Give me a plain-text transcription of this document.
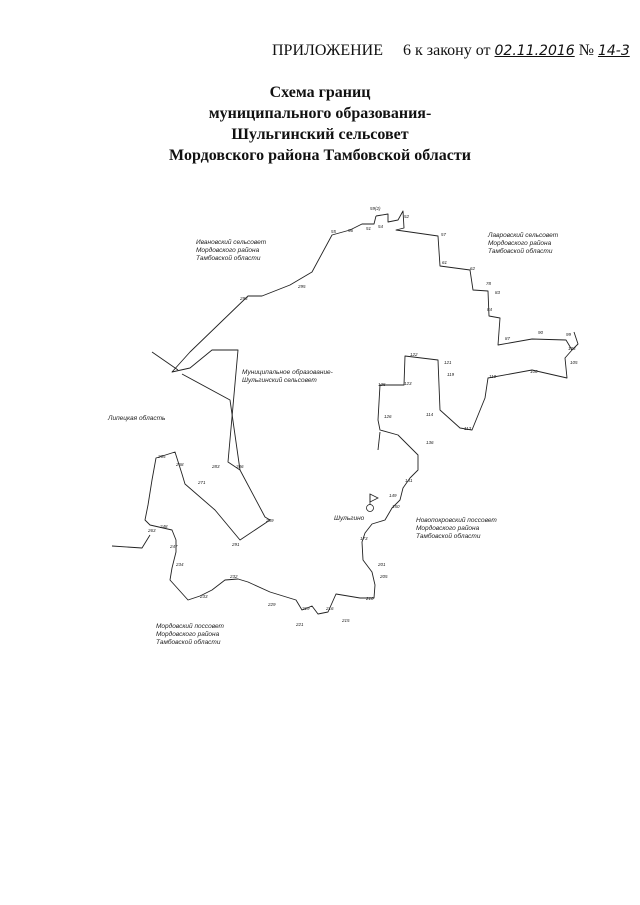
ПРИЛОЖЕНИЕ 6 к закону от 02.11.2016 № 14-3
Схема границ
муниципального образования-
Шульгинский сельсовет
Мордовского района Тамбовской области
Ивановский сельсовет
Мордовского района
Тамбовской области
Лавровский сельсовет
Мордовского района
Тамбовской области
Муниципальное образование-
Шульгинский сельсовет
Липецкая область
Новопокровский поссовет
Мордовского района
Тамбовской области
Мордовский поссовет
Мордовского района
Тамбовской области
Шульгино
59(2)
52
54
51
56
55
57
61
62
78
83
84
87
90	99
103
105
106
110
113
114
119
121
122
123
125
126
136
141
149
150
173
201
205
210
215
216
219
221
229
232
233
234
247
248
263
265
268
271
283	286
289
291
293
295
